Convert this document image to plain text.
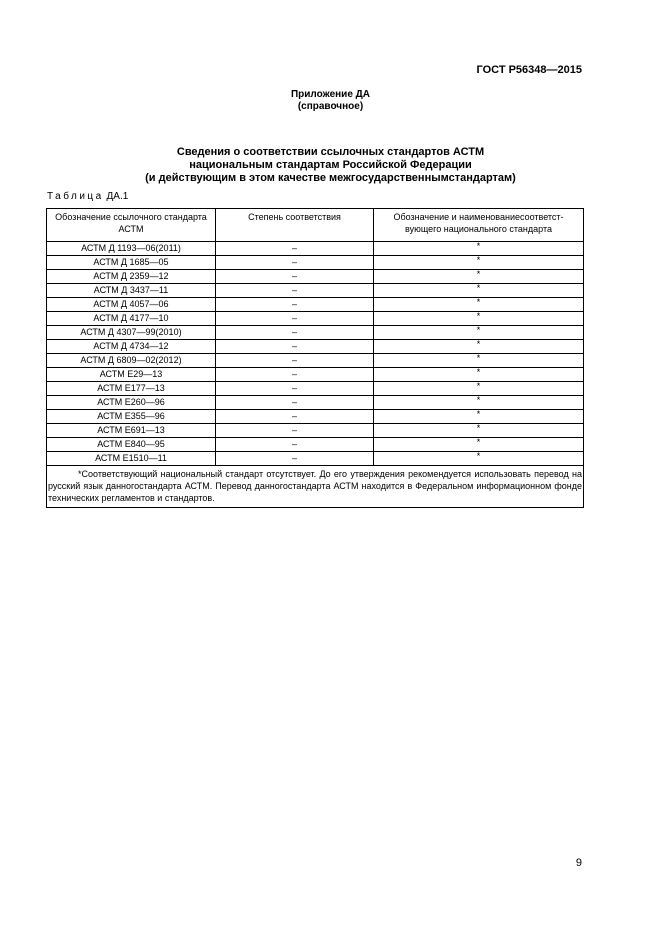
ГОСТ Р56348—2015
Приложение ДА
(справочное)
Сведения о соответствии ссылочных стандартов АСТМ
национальным стандартам Российской Федерации
(и действующим в этом качестве межгосударственнымстандартам)
Таблица ДА.1
Обозначение ссылочного стандарта АСТМ	Степень соответствия	Обозначение и наименованиесоответст-вующего национального стандарта
АСТМ Д 1193—06(2011)	–	*
АСТМ Д 1685—05	–	*
АСТМ Д 2359—12	–	*
АСТМ Д 3437—11	–	*
АСТМ Д 4057—06	–	*
АСТМ Д 4177—10	–	*
АСТМ Д 4307—99(2010)	–	*
АСТМ Д 4734—12	–	*
АСТМ Д 6809—02(2012)	–	*
АСТМ Е29—13	–	*
АСТМ Е177—13	–	*
АСТМ Е260—96	–	*
АСТМ Е355—96	–	*
АСТМ Е691—13	–	*
АСТМ Е840—95	–	*
АСТМ Е1510—11	–	*

*Соответствующий национальный стандарт отсутствует. До его утверждения рекомендуется использовать перевод на русский язык данногостандарта АСТМ. Перевод данногостандарта АСТМ находится в Федеральном информационном фонде технических регламентов и стандартов.		
9
